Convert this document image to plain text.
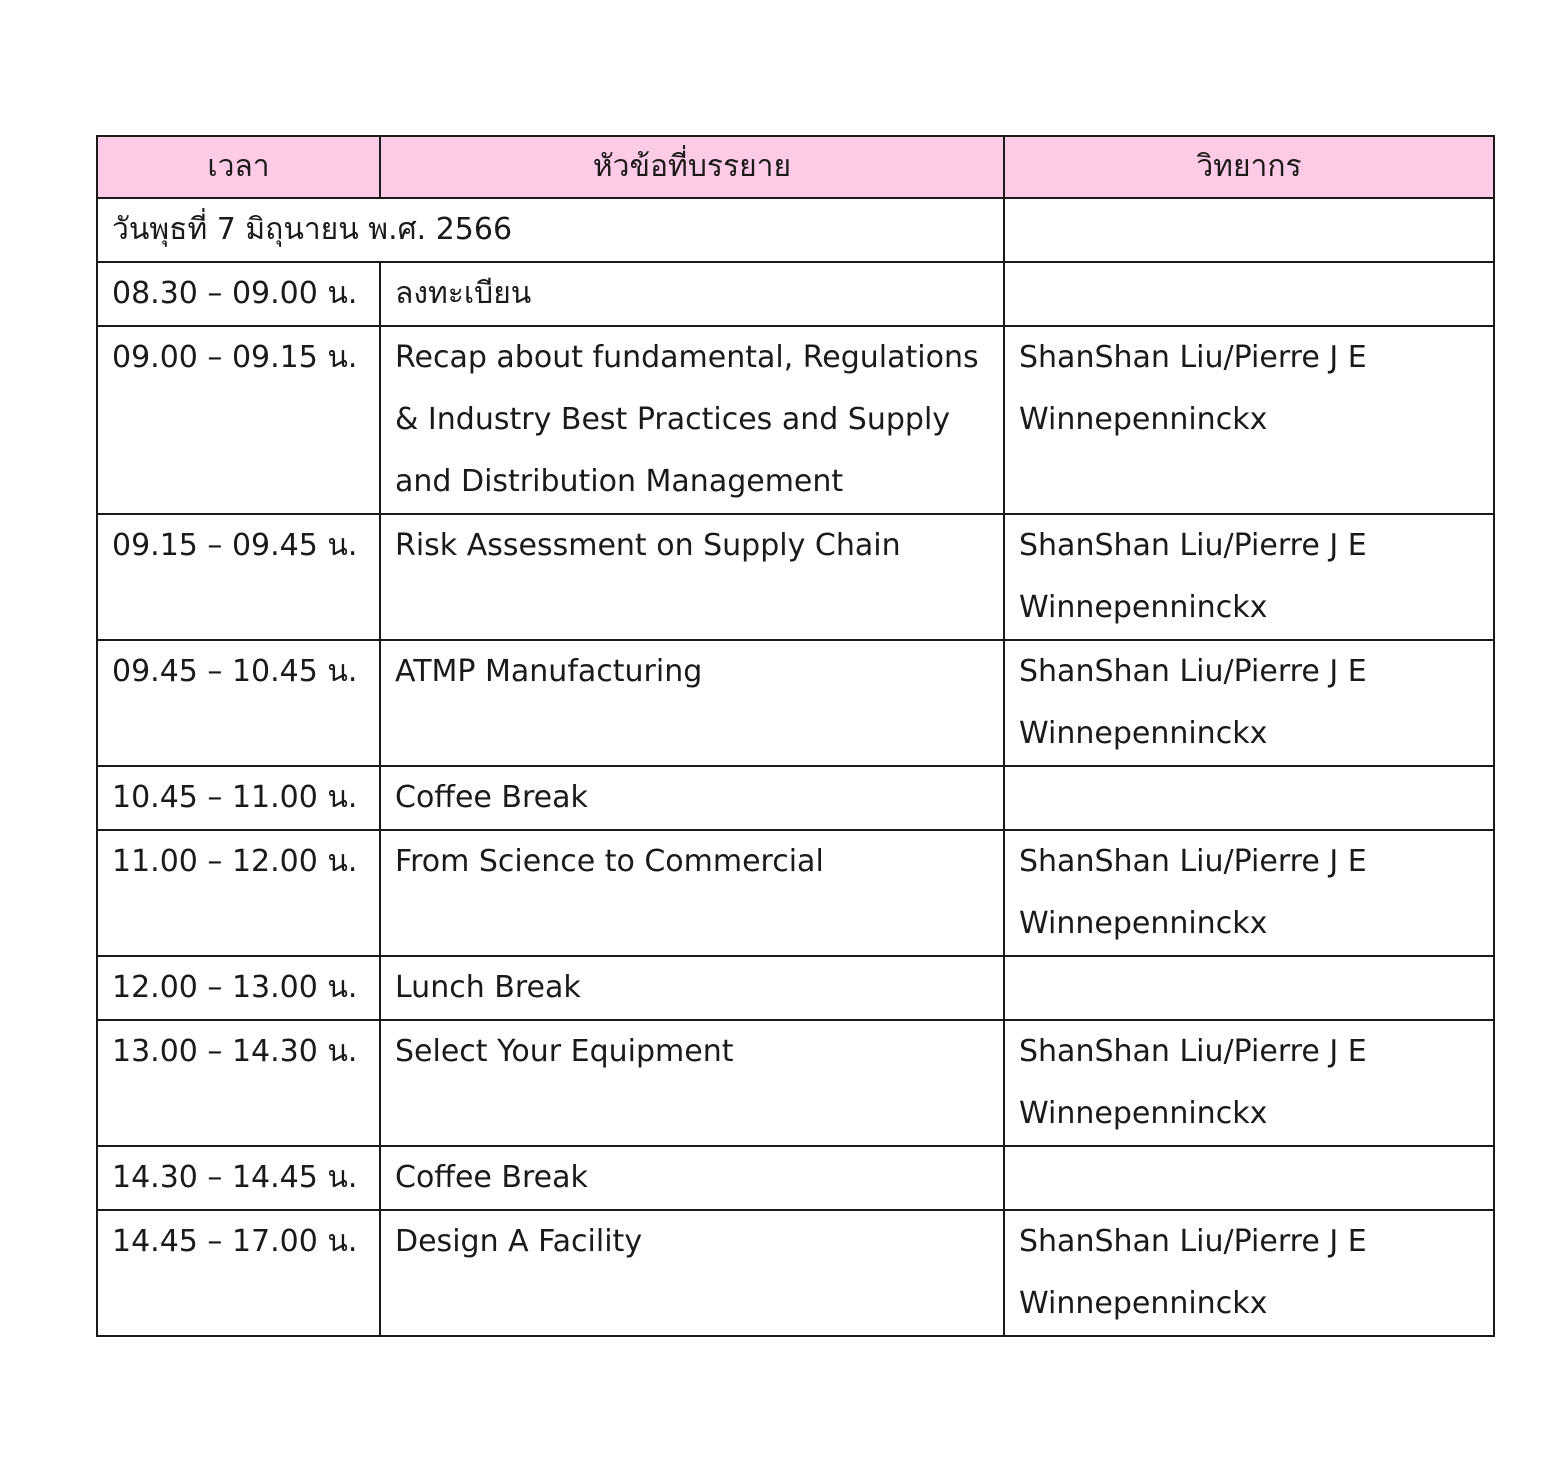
เวลา	หัวข้อที่บรรยาย	วิทยากร
วันพุธที่ 7 มิถุนายน พ.ศ. 2566		
08.30 – 09.00 น.	ลงทะเบียน	

09.00 – 09.15 น.	Recap about fundamental, Regulations
& Industry Best Practices and Supply
and Distribution Management	ShanShan Liu/Pierre J E
Winnepenninckx

09.15 – 09.45 น.	Risk Assessment on Supply Chain	ShanShan Liu/Pierre J E
Winnepenninckx

09.45 – 10.45 น.	ATMP Manufacturing	ShanShan Liu/Pierre J E
Winnepenninckx

10.45 – 11.00 น.	Coffee Break	

11.00 – 12.00 น.	From Science to Commercial	ShanShan Liu/Pierre J E
Winnepenninckx

12.00 – 13.00 น.	Lunch Break	

13.00 – 14.30 น.	Select Your Equipment	ShanShan Liu/Pierre J E
Winnepenninckx

14.30 – 14.45 น.	Coffee Break	

14.45 – 17.00 น.	Design A Facility	ShanShan Liu/Pierre J E
Winnepenninckx
